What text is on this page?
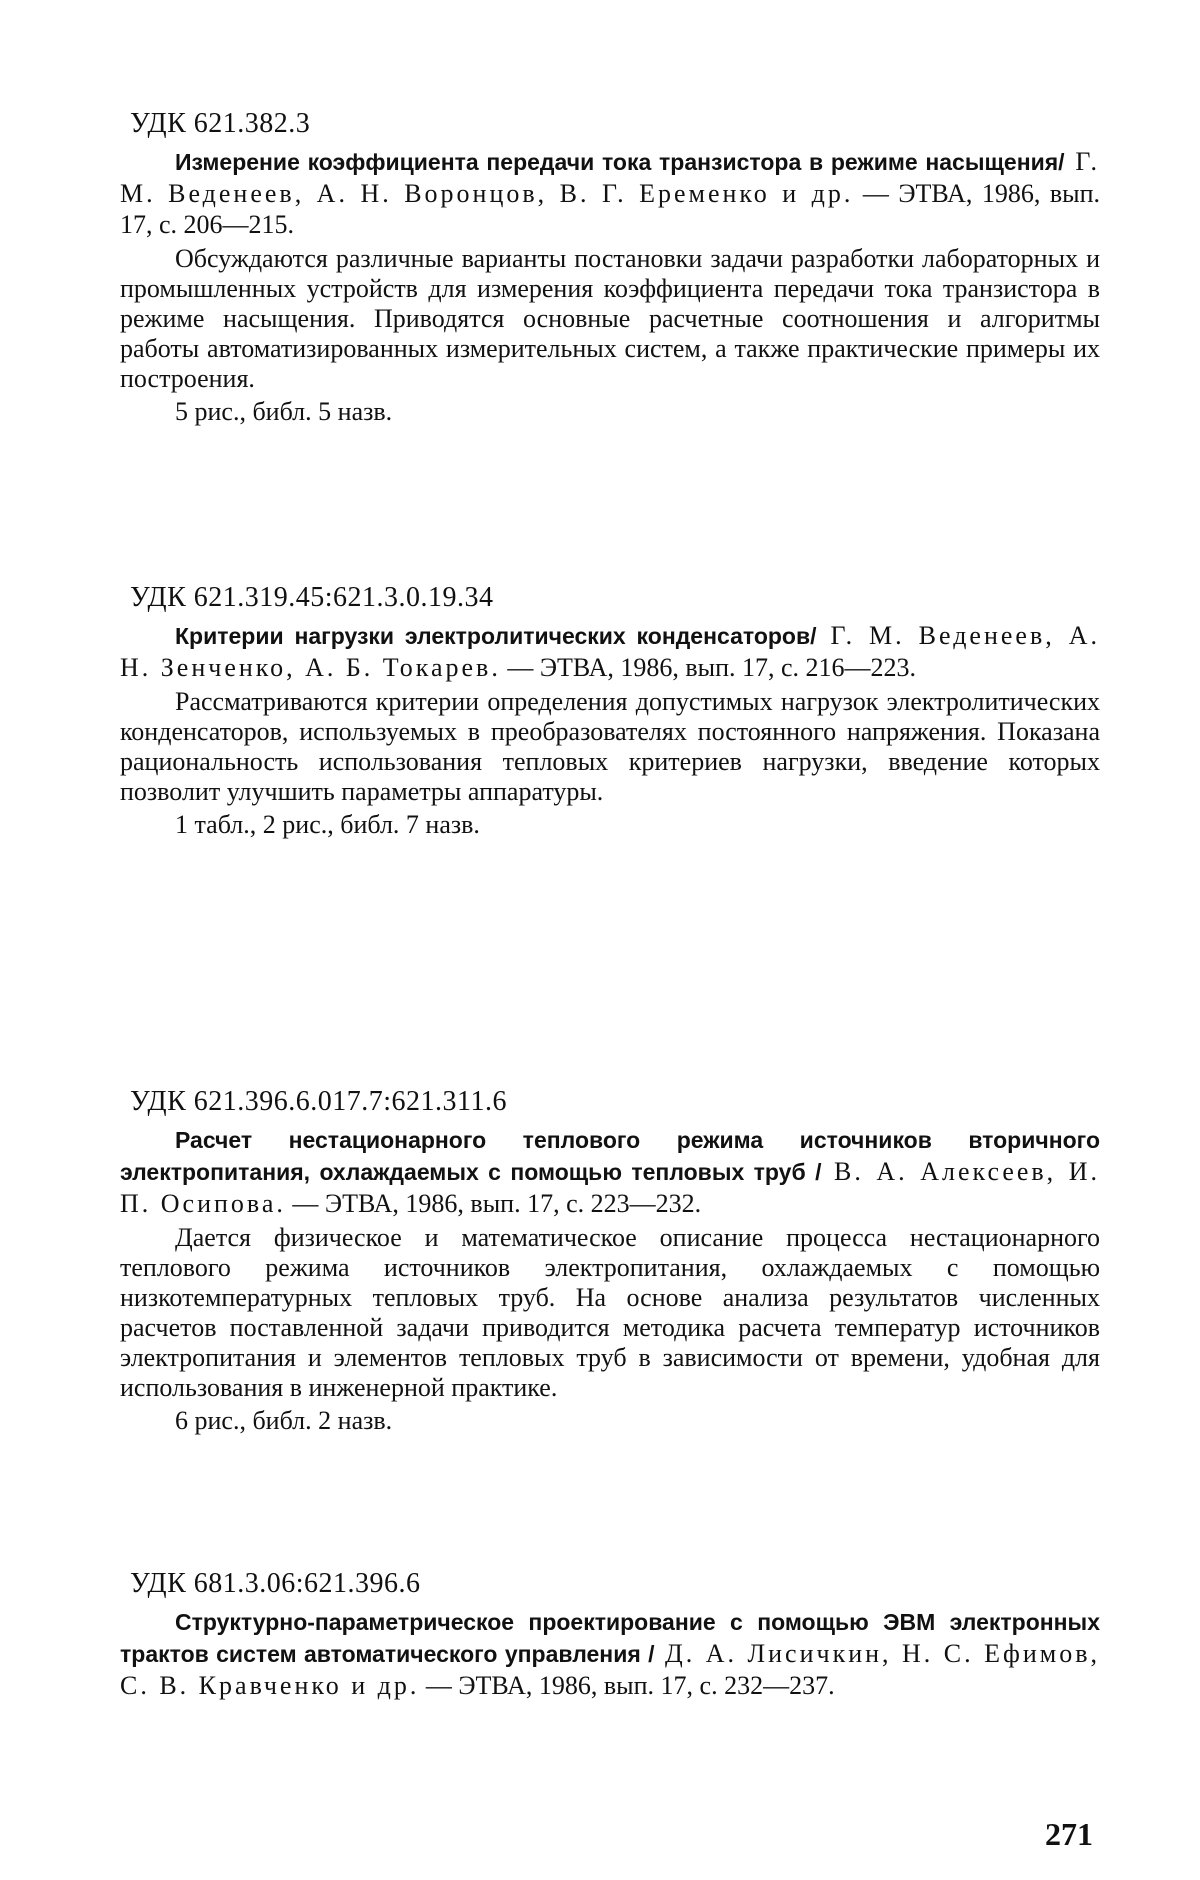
УДК 621.382.3

Измерение коэффициента передачи тока транзистора в режиме насыщения/ Г. М. Веденеев, А. Н. Воронцов, В. Г. Еременко и др. — ЭТВА, 1986, вып. 17, с. 206—215.

Обсуждаются различные варианты постановки задачи разработки лабораторных и промышленных устройств для измерения коэффициента передачи тока транзистора в режиме насыщения. Приводятся основные расчетные соотношения и алгоритмы работы автоматизированных измерительных систем, а также практические примеры их построения.

5 рис., библ. 5 назв.
УДК 621.319.45:621.3.0.19.34

Критерии нагрузки электролитических конденсаторов/ Г. М. Веденеев, А. Н. Зенченко, А. Б. Токарев. — ЭТВА, 1986, вып. 17, с. 216—223.

Рассматриваются критерии определения допустимых нагрузок электролитических конденсаторов, используемых в преобразователях постоянного напряжения. Показана рациональность использования тепловых критериев нагрузки, введение которых позволит улучшить параметры аппаратуры.

1 табл., 2 рис., библ. 7 назв.
УДК 621.396.6.017.7:621.311.6

Расчет нестационарного теплового режима источников вторичного электропитания, охлаждаемых с помощью тепловых труб / В. А. Алексеев, И. П. Осипова. — ЭТВА, 1986, вып. 17, с. 223—232.

Дается физическое и математическое описание процесса нестационарного теплового режима источников электропитания, охлаждаемых с помощью низкотемпературных тепловых труб. На основе анализа результатов численных расчетов поставленной задачи приводится методика расчета температур источников электропитания и элементов тепловых труб в зависимости от времени, удобная для использования в инженерной практике.

6 рис., библ. 2 назв.
УДК 681.3.06:621.396.6

Структурно-параметрическое проектирование с помощью ЭВМ электронных трактов систем автоматического управления / Д. А. Лисичкин, Н. С. Ефимов, С. В. Кравченко и др. — ЭТВА, 1986, вып. 17, с. 232—237.

271
